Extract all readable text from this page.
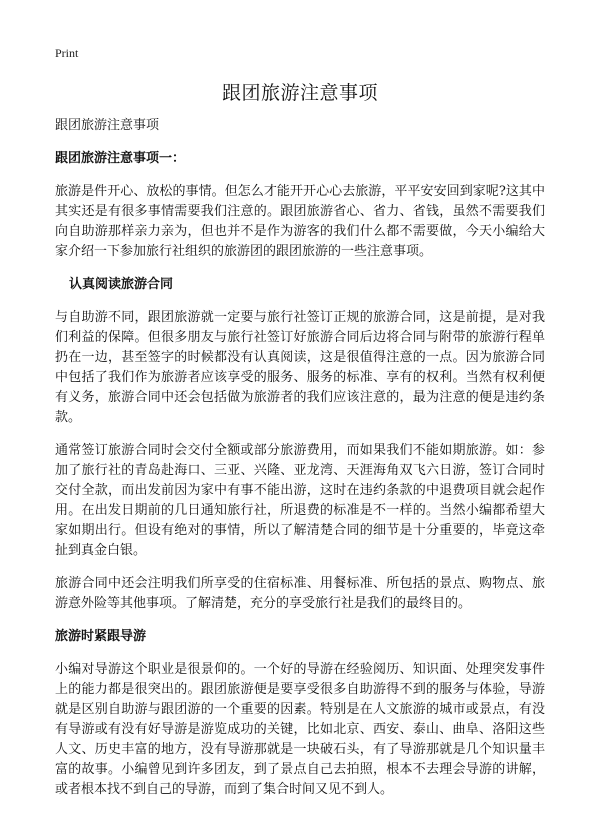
Print
跟团旅游注意事项

跟团旅游注意事项

跟团旅游注意事项一：

旅游是件开心、放松的事情。但怎么才能开开心心去旅游，平平安安回到家呢?这其中其实还是有很多事情需要我们注意的。跟团旅游省心、省力、省钱，虽然不需要我们向自助游那样亲力亲为，但也并不是作为游客的我们什么都不需要做，今天小编给大家介绍一下参加旅行社组织的旅游团的跟团旅游的一些注意事项。

认真阅读旅游合同

与自助游不同，跟团旅游就一定要与旅行社签订正规的旅游合同，这是前提，是对我们利益的保障。但很多朋友与旅行社签订好旅游合同后边将合同与附带的旅游行程单扔在一边，甚至签字的时候都没有认真阅读，这是很值得注意的一点。因为旅游合同中包括了我们作为旅游者应该享受的服务、服务的标准、享有的权利。当然有权利便有义务，旅游合同中还会包括做为旅游者的我们应该注意的，最为注意的便是违约条款。

通常签订旅游合同时会交付全额或部分旅游费用，而如果我们不能如期旅游。如：参加了旅行社的青岛赴海口、三亚、兴隆、亚龙湾、天涯海角双飞六日游，签订合同时交付全款，而出发前因为家中有事不能出游，这时在违约条款的中退费项目就会起作用。在出发日期前的几日通知旅行社，所退费的标准是不一样的。当然小编都希望大家如期出行。但设有绝对的事情，所以了解清楚合同的细节是十分重要的，毕竟这牵扯到真金白银。

旅游合同中还会注明我们所享受的住宿标准、用餐标准、所包括的景点、购物点、旅游意外险等其他事项。了解清楚，充分的享受旅行社是我们的最终目的。

旅游时紧跟导游

小编对导游这个职业是很景仰的。一个好的导游在经验阅历、知识面、处理突发事件上的能力都是很突出的。跟团旅游便是要享受很多自助游得不到的服务与体验，导游就是区别自助游与跟团游的一个重要的因素。特别是在人文旅游的城市或景点，有没有导游或有没有好导游是游览成功的关键，比如北京、西安、泰山、曲阜、洛阳这些人文、历史丰富的地方，没有导游那就是一块破石头，有了导游那就是几个知识量丰富的故事。小编曾见到许多团友，到了景点自己去拍照，根本不去理会导游的讲解，或者根本找不到自己的导游，而到了集合时间又见不到人。
